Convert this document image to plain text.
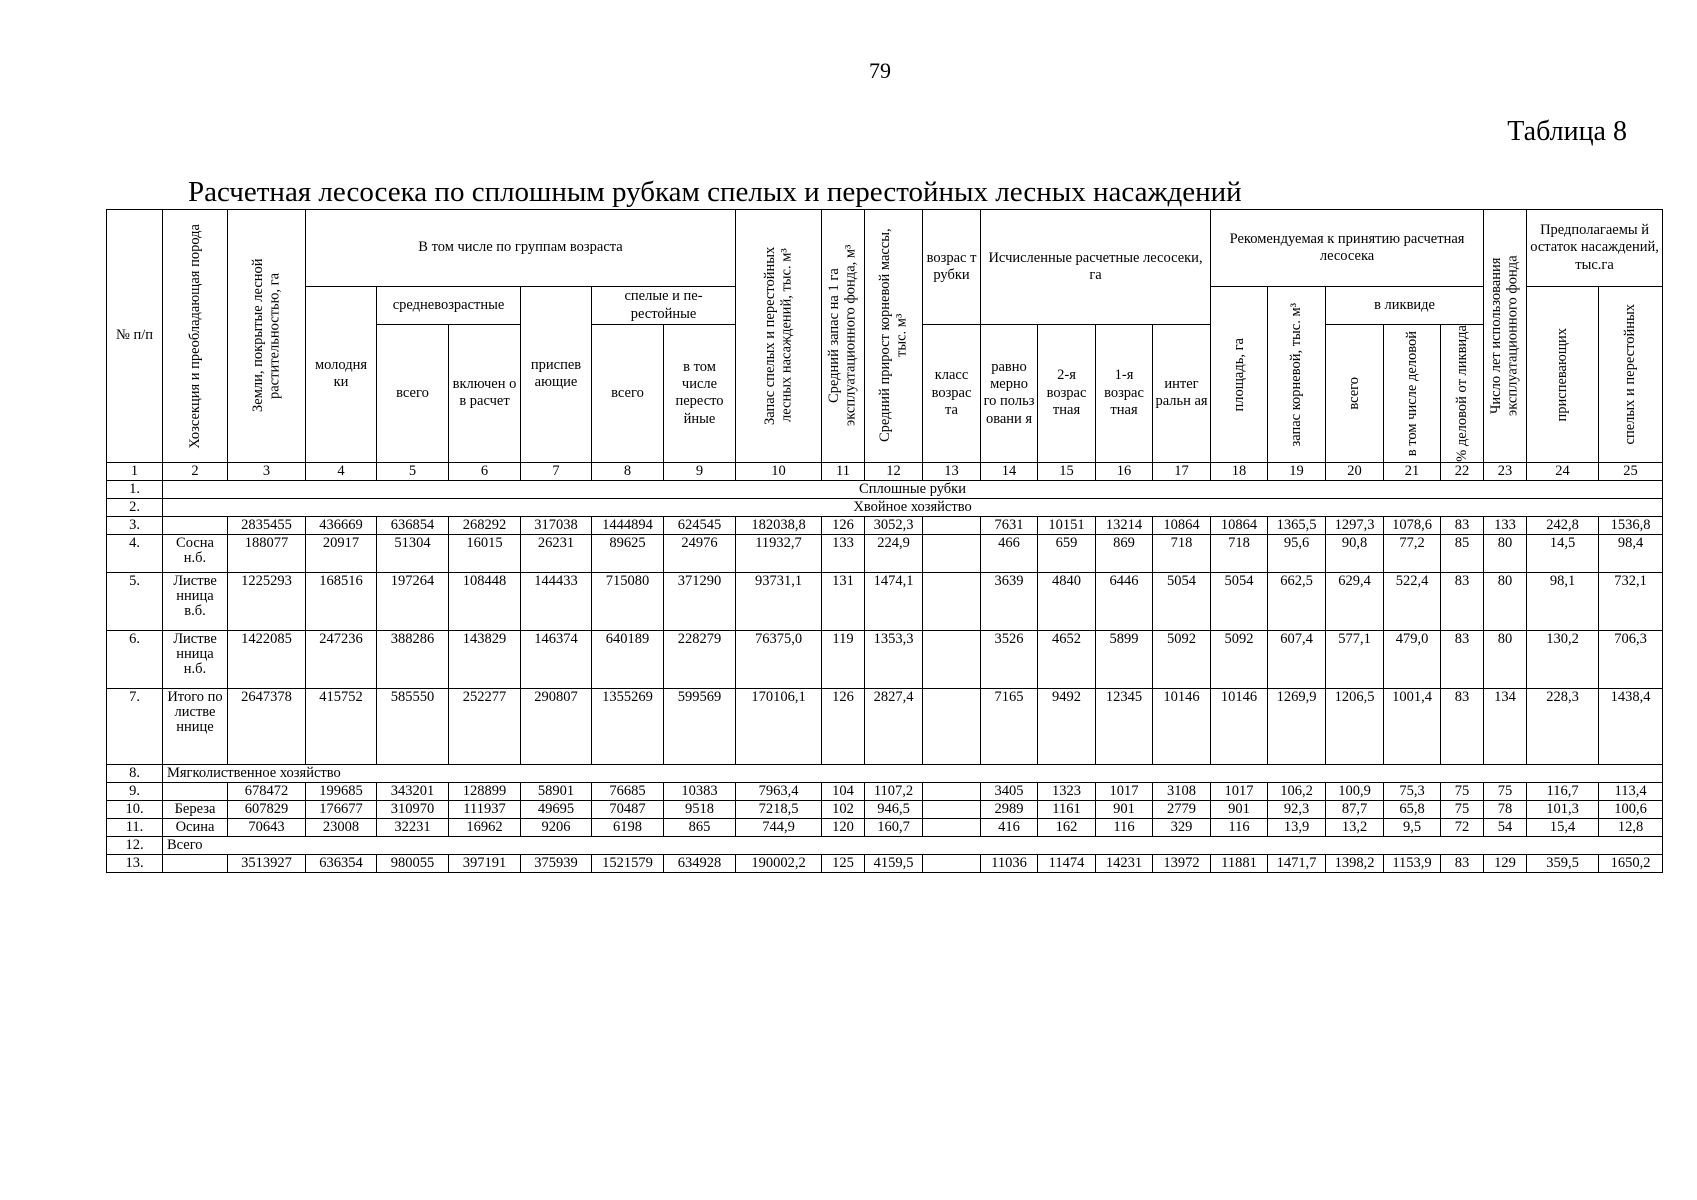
79
Таблица 8
Расчетная лесосека по сплошным рубкам спелых и перестойных лесных насаждений
№ п/п	Хозсекция и преобладающая порода	Земли, покрытые лесной растительностью, га	В том числе по группам возраста						Запас спелых и перестойных лесных насаждений, тыс. м³	Средний запас на 1 га эксплуатационного фонда, м³	Средний прирост корневой массы, тыс. м³	возрас т рубки	Исчисленные расчетные лесосеки, га				Рекомендуемая к принятию расчетная лесосека					Число лет использования эксплуатационного фонда	Предполагаемы й остаток насаждений, тыс.га	
			молодня ки	средневозрастные		приспев ающие	спелые и пе- рестойные										площадь, га	запас корневой, тыс. м³	в ликвиде				приспевающих	спелых и перестойных

				всего	включен о в расчет		всего	в том числе пересто йные				класс возрас та	равно мерно го польз овани я	2-я возрас тная	1-я возрас тная	интег ральн ая			всего	в том числе деловой	% деловой от ликвида			

1	2	3	4	5	6	7	8	9	10	11	12	13	14	15	16	17	18	19	20	21	22	23	24	25
1.	Сплошные рубки																							
2.	Хвойное хозяйство																							
3.		2835455	436669	636854	268292	317038	1444894	624545	182038,8	126	3052,3		7631	10151	13214	10864	10864	1365,5	1297,3	1078,6	83	133	242,8	1536,8
4.	Сосна н.б.	188077	20917	51304	16015	26231	89625	24976	11932,7	133	224,9		466	659	869	718	718	95,6	90,8	77,2	85	80	14,5	98,4
5.	Листве нница в.б.	1225293	168516	197264	108448	144433	715080	371290	93731,1	131	1474,1		3639	4840	6446	5054	5054	662,5	629,4	522,4	83	80	98,1	732,1
6.	Листве нница н.б.	1422085	247236	388286	143829	146374	640189	228279	76375,0	119	1353,3		3526	4652	5899	5092	5092	607,4	577,1	479,0	83	80	130,2	706,3
7.	Итого по листве ннице	2647378	415752	585550	252277	290807	1355269	599569	170106,1	126	2827,4		7165	9492	12345	10146	10146	1269,9	1206,5	1001,4	83	134	228,3	1438,4
8.	Мягколиственное хозяйство																							
9.		678472	199685	343201	128899	58901	76685	10383	7963,4	104	1107,2		3405	1323	1017	3108	1017	106,2	100,9	75,3	75	75	116,7	113,4
10.	Береза	607829	176677	310970	111937	49695	70487	9518	7218,5	102	946,5		2989	1161	901	2779	901	92,3	87,7	65,8	75	78	101,3	100,6
11.	Осина	70643	23008	32231	16962	9206	6198	865	744,9	120	160,7		416	162	116	329	116	13,9	13,2	9,5	72	54	15,4	12,8
12.	Всего																							
13.		3513927	636354	980055	397191	375939	1521579	634928	190002,2	125	4159,5		11036	11474	14231	13972	11881	1471,7	1398,2	1153,9	83	129	359,5	1650,2
